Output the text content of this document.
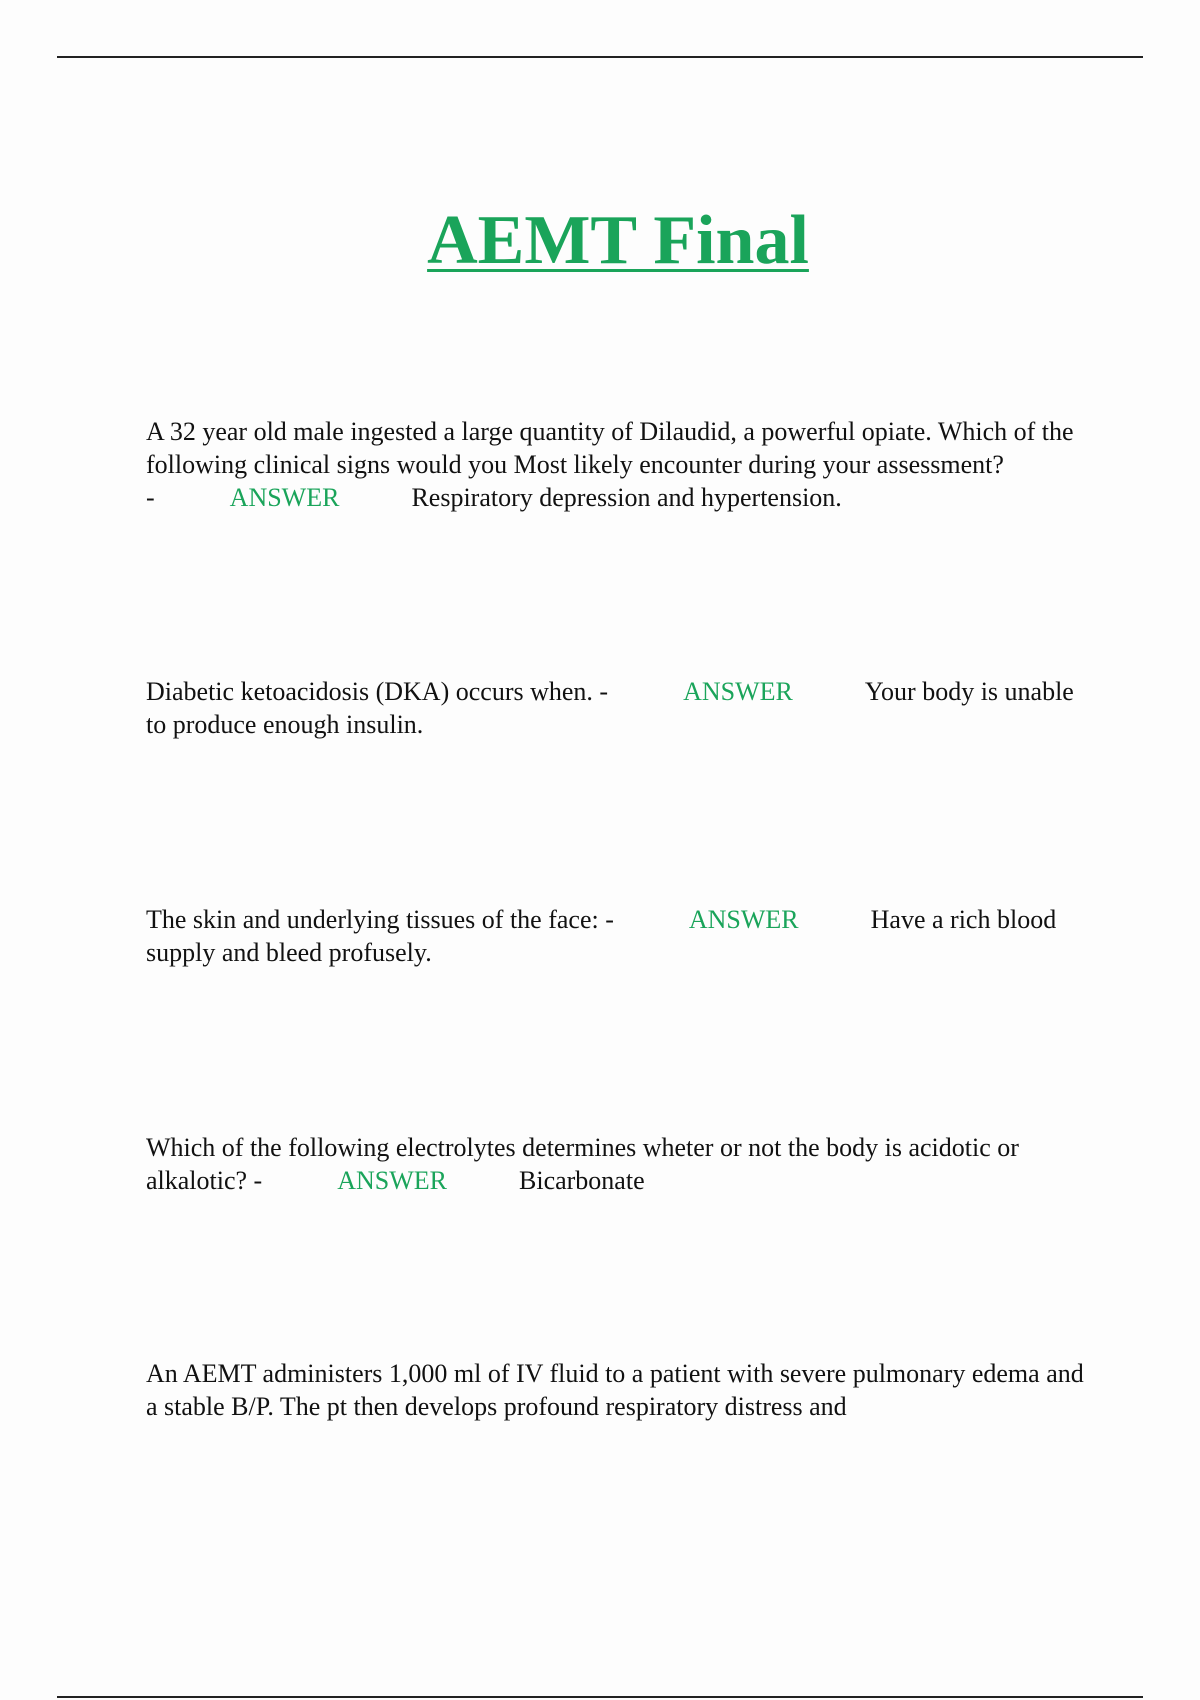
AEMT Final

A 32 year old male ingested a large quantity of Dilaudid, a powerful opiate. Which of the following clinical signs would you Most likely encounter during your assessment? -	ANSWER	Respiratory depression and hypertension.

Diabetic ketoacidosis (DKA) occurs when. -	ANSWER	Your body is unable to produce enough insulin.

The skin and underlying tissues of the face: -	ANSWER	Have a rich blood supply and bleed profusely.

Which of the following electrolytes determines wheter or not the body is acidotic or alkalotic? -	ANSWER	Bicarbonate

An AEMT administers 1,000 ml of IV fluid to a patient with severe pulmonary edema and a stable B/P. The pt then develops profound respiratory distress and
